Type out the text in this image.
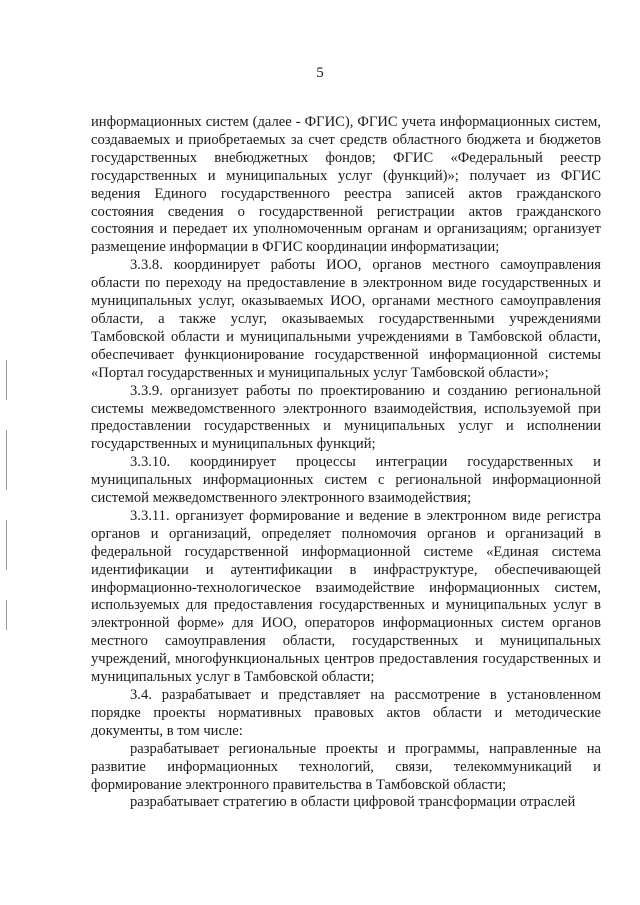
5

информационных систем (далее - ФГИС), ФГИС учета информационных систем, создаваемых и приобретаемых за счет средств областного бюджета и бюджетов государственных внебюджетных фондов; ФГИС «Федеральный реестр государственных и муниципальных услуг (функций)»; получает из ФГИС ведения Единого государственного реестра записей актов гражданского состояния сведения о государственной регистрации актов гражданского состояния и передает их уполномоченным органам и организациям; организует размещение информации в ФГИС координации информатизации;

3.3.8. координирует работы ИОО, органов местного самоуправления области по переходу на предоставление в электронном виде государственных и муниципальных услуг, оказываемых ИОО, органами местного самоуправления области, а также услуг, оказываемых государственными учреждениями Тамбовской области и муниципальными учреждениями в Тамбовской области, обеспечивает функционирование государственной информационной системы «Портал государственных и муниципальных услуг Тамбовской области»;

3.3.9. организует работы по проектированию и созданию региональной системы межведомственного электронного взаимодействия, используемой при предоставлении государственных и муниципальных услуг и исполнении государственных и муниципальных функций;

3.3.10. координирует процессы интеграции государственных и муниципальных информационных систем с региональной информационной системой межведомственного электронного взаимодействия;

3.3.11. организует формирование и ведение в электронном виде регистра органов и организаций, определяет полномочия органов и организаций в федеральной государственной информационной системе «Единая система идентификации и аутентификации в инфраструктуре, обеспечивающей информационно-технологическое взаимодействие информационных систем, используемых для предоставления государственных и муниципальных услуг в электронной форме» для ИОО, операторов информационных систем органов местного самоуправления области, государственных и муниципальных учреждений, многофункциональных центров предоставления государственных и муниципальных услуг в Тамбовской области;

3.4. разрабатывает и представляет на рассмотрение в установленном порядке проекты нормативных правовых актов области и методические документы, в том числе:

разрабатывает региональные проекты и программы, направленные на развитие информационных технологий, связи, телекоммуникаций и формирование электронного правительства в Тамбовской области;

разрабатывает стратегию в области цифровой трансформации отраслей
